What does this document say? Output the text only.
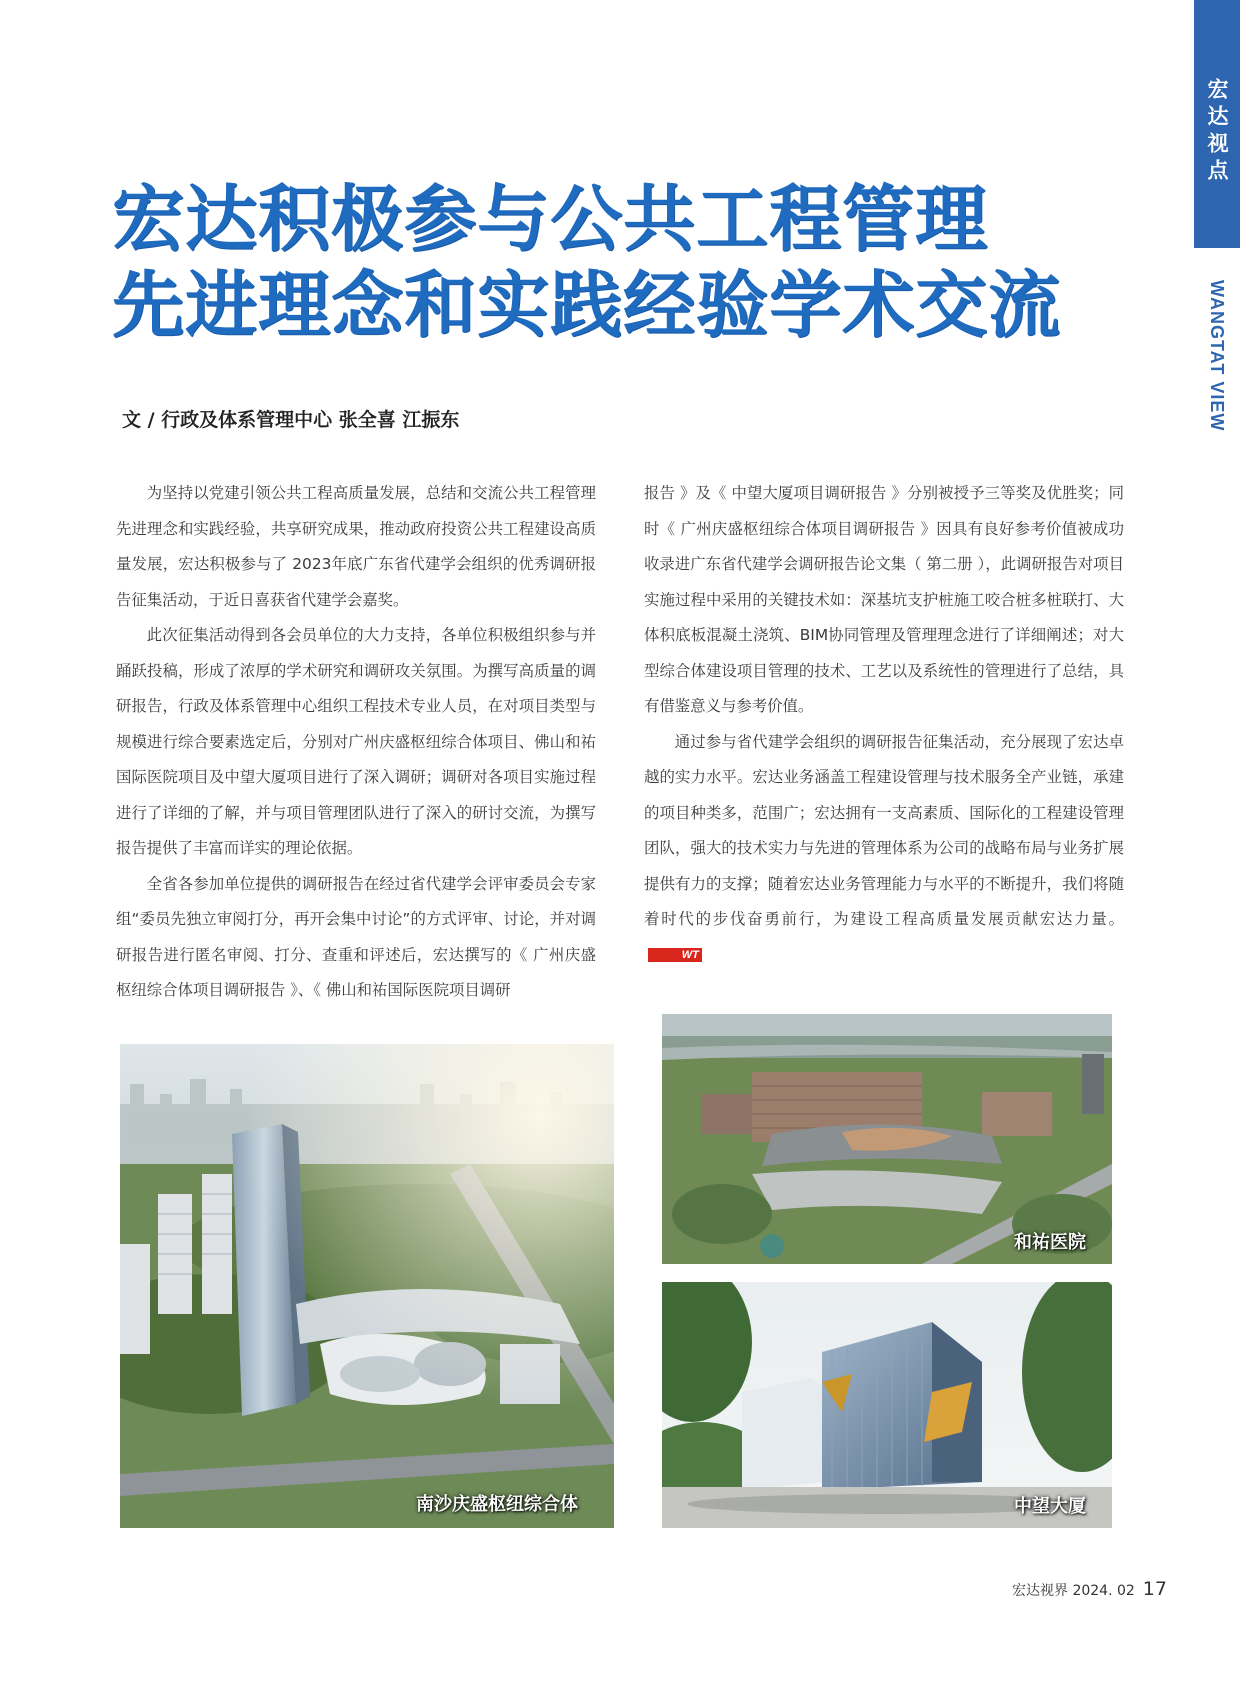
宏达视点
WANGTAT VIEW
宏达积极参与公共工程管理
先进理念和实践经验学术交流
文 / 行政及体系管理中心 张全喜 江振东

为坚持以党建引领公共工程高质量发展，总结和交流公共工程管理先进理念和实践经验，共享研究成果，推动政府投资公共工程建设高质量发展，宏达积极参与了 2023年底广东省代建学会组织的优秀调研报告征集活动，于近日喜获省代建学会嘉奖。

此次征集活动得到各会员单位的大力支持，各单位积极组织参与并踊跃投稿，形成了浓厚的学术研究和调研攻关氛围。为撰写高质量的调研报告，行政及体系管理中心组织工程技术专业人员，在对项目类型与规模进行综合要素选定后，分别对广州庆盛枢纽综合体项目、佛山和祐国际医院项目及中望大厦项目进行了深入调研；调研对各项目实施过程进行了详细的了解，并与项目管理团队进行了深入的研讨交流，为撰写报告提供了丰富而详实的理论依据。

全省各参加单位提供的调研报告在经过省代建学会评审委员会专家组“委员先独立审阅打分，再开会集中讨论”的方式评审、讨论，并对调研报告进行匿名审阅、打分、查重和评述后，宏达撰写的《 广州庆盛枢纽综合体项目调研报告 》、《 佛山和祐国际医院项目调研

报告 》及《 中望大厦项目调研报告 》分别被授予三等奖及优胜奖；同时《 广州庆盛枢纽综合体项目调研报告 》因具有良好参考价值被成功收录进广东省代建学会调研报告论文集（ 第二册 ），此调研报告对项目实施过程中采用的关键技术如：深基坑支护桩施工咬合桩多桩联打、大体积底板混凝土浇筑、BIM协同管理及管理理念进行了详细阐述；对大型综合体建设项目管理的技术、工艺以及系统性的管理进行了总结，具有借鉴意义与参考价值。

通过参与省代建学会组织的调研报告征集活动，充分展现了宏达卓越的实力水平。宏达业务涵盖工程建设管理与技术服务全产业链，承建的项目种类多，范围广；宏达拥有一支高素质、国际化的工程建设管理团队，强大的技术实力与先进的管理体系为公司的战略布局与业务扩展提供有力的支撑；随着宏达业务管理能力与水平的不断提升，我们将随着时代的步伐奋勇前行，为建设工程高质量发展贡献宏达力量。WT

南沙庆盛枢纽综合体
和祐医院
中望大厦
宏达视界 2024. 02 17
